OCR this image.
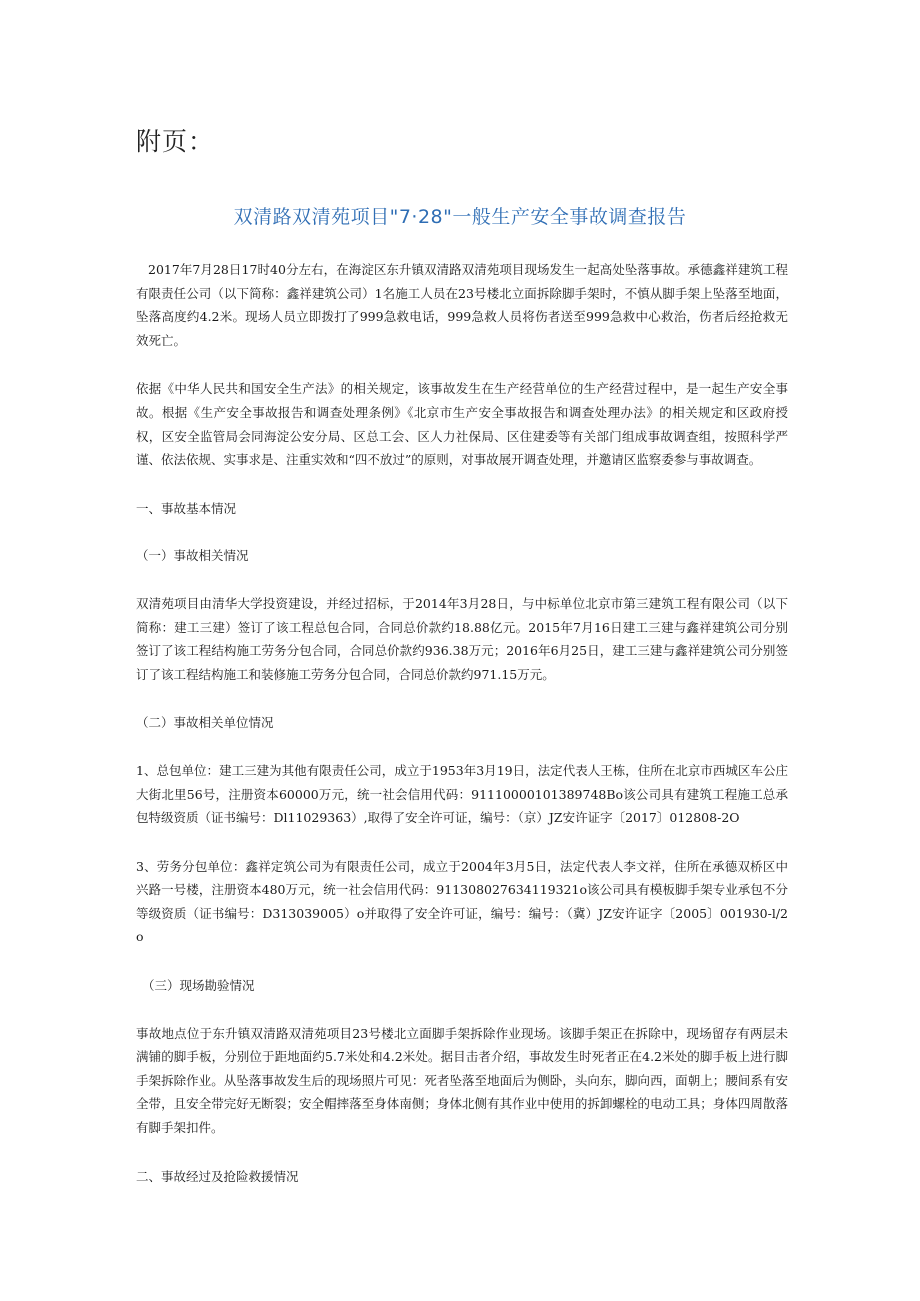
附页：
双清路双清苑项目"7·28"一般生产安全事故调查报告

2017年7月28日17时40分左右，在海淀区东升镇双清路双清苑项目现场发生一起高处坠落事故。承德鑫祥建筑工程有限责任公司（以下简称：鑫祥建筑公司）1名施工人员在23号楼北立面拆除脚手架时，不慎从脚手架上坠落至地面，坠落高度约4.2米。现场人员立即拨打了999急救电话，999急救人员将伤者送至999急救中心救治，伤者后经抢救无效死亡。

依据《中华人民共和国安全生产法》的相关规定，该事故发生在生产经营单位的生产经营过程中，是一起生产安全事故。根据《生产安全事故报告和调查处理条例》《北京市生产安全事故报告和调查处理办法》的相关规定和区政府授权，区安全监管局会同海淀公安分局、区总工会、区人力社保局、区住建委等有关部门组成事故调查组，按照科学严谨、依法依规、实事求是、注重实效和“四不放过”的原则，对事故展开调查处理，并邀请区监察委参与事故调查。

一、事故基本情况

（一）事故相关情况

双清苑项目由清华大学投资建设，并经过招标，于2014年3月28日，与中标单位北京市第三建筑工程有限公司（以下简称：建工三建）签订了该工程总包合同，合同总价款约18.88亿元。2015年7月16日建工三建与鑫祥建筑公司分别签订了该工程结构施工劳务分包合同，合同总价款约936.38万元；2016年6月25日，建工三建与鑫祥建筑公司分别签订了该工程结构施工和装修施工劳务分包合同，合同总价款约971.15万元。

（二）事故相关单位情况

1、总包单位：建工三建为其他有限责任公司，成立于1953年3月19日，法定代表人王栋，住所在北京市西城区车公庄大街北里56号，注册资本60000万元，统一社会信用代码：91110000101389748Bo该公司具有建筑工程施工总承包特级资质（证书编号：Dl11029363）,取得了安全许可证，编号：（京）JZ安许证字〔2017〕012808-2O

3、劳务分包单位：鑫祥定筑公司为有限责任公司，成立于2004年3月5日，法定代表人李文祥，住所在承德双桥区中兴路一号楼，注册资本480万元，统一社会信用代码：911308027634119321o该公司具有模板脚手架专业承包不分等级资质（证书编号：D313039005）o并取得了安全许可证，编号：编号：（冀）JZ安许证字〔2005〕001930-l∕2o

（三）现场勘验情况

事故地点位于东升镇双清路双清苑项目23号楼北立面脚手架拆除作业现场。该脚手架正在拆除中，现场留存有两层未满铺的脚手板，分别位于距地面约5.7米处和4.2米处。据目击者介绍，事故发生时死者正在4.2米处的脚手板上进行脚手架拆除作业。从坠落事故发生后的现场照片可见：死者坠落至地面后为侧卧，头向东，脚向西，面朝上；腰间系有安全带，且安全带完好无断裂；安全帽摔落至身体南侧；身体北侧有其作业中使用的拆卸螺栓的电动工具；身体四周散落有脚手架扣件。

二、事故经过及抢险救援情况
